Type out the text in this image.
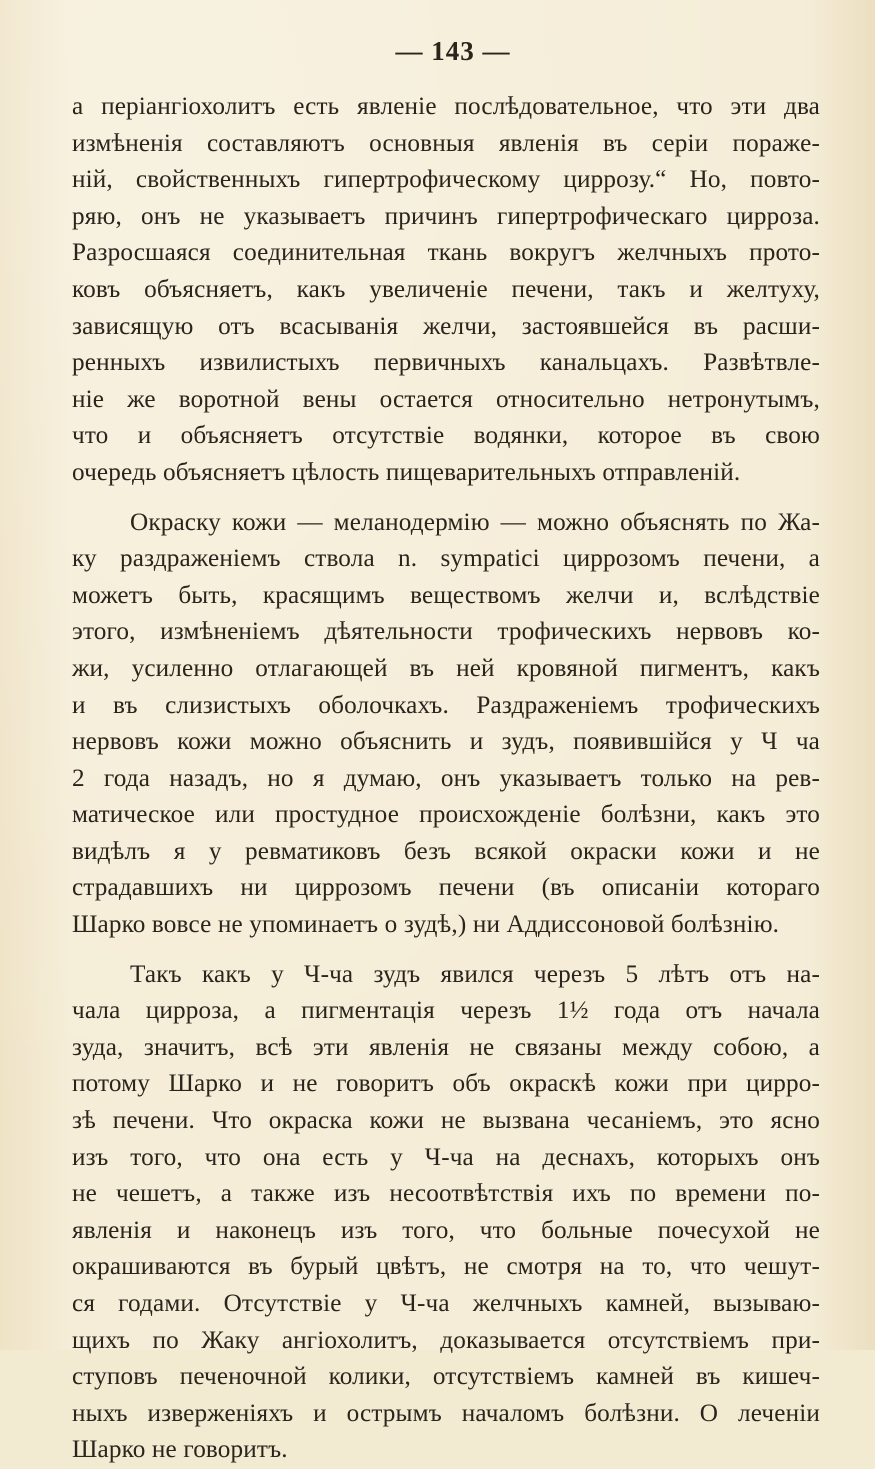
— 143 —
а періангіохолитъ есть явленіе послѣдовательное, что эти два
измѣненія составляютъ основныя явленія въ серіи пораже-
ній, свойственныхъ гипертрофическому циррозу.“ Но, повто-
ряю, онъ не указываетъ причинъ гипертрофическаго цирроза.
Разросшаяся соединительная ткань вокругъ желчныхъ прото-
ковъ объясняетъ, какъ увеличеніе печени, такъ и желтуху,
зависящую отъ всасыванія желчи, застоявшейся въ расши-
ренныхъ извилистыхъ первичныхъ канальцахъ. Развѣтвле-
ніе же воротной вены остается относительно нетронутымъ,
что и объясняетъ отсутствіе водянки, которое въ свою
очередь объясняетъ цѣлость пищеварительныхъ отправленій.
Окраску кожи — меланодермію — можно объяснять по Жа-
ку раздраженіемъ ствола n. sympatici циррозомъ печени, а
можетъ быть, красящимъ веществомъ желчи и, вслѣдствіе
этого, измѣненіемъ дѣятельности трофическихъ нервовъ ко-
жи, усиленно отлагающей въ ней кровяной пигментъ, какъ
и въ слизистыхъ оболочкахъ. Раздраженіемъ трофическихъ
нервовъ кожи можно объяснить и зудъ, появившійся у Ч ча
2 года назадъ, но я думаю, онъ указываетъ только на рев-
матическое или простудное происхожденіе болѣзни, какъ это
видѣлъ я у ревматиковъ безъ всякой окраски кожи и не
страдавшихъ ни циррозомъ печени (въ описаніи котораго
Шарко вовсе не упоминаетъ о зудѣ,) ни Аддиссоновой болѣзнію.
Такъ какъ у Ч-ча зудъ явился черезъ 5 лѣтъ отъ на-
чала цирроза, а пигментація черезъ 1½ года отъ начала
зуда, значитъ, всѣ эти явленія не связаны между собою, а
потому Шарко и не говоритъ объ окраскѣ кожи при цирро-
зѣ печени. Что окраска кожи не вызвана чесаніемъ, это ясно
изъ того, что она есть у Ч-ча на деснахъ, которыхъ онъ
не чешетъ, а также изъ несоотвѣтствія ихъ по времени по-
явленія и наконецъ изъ того, что больные почесухой не
окрашиваются въ бурый цвѣтъ, не смотря на то, что чешут-
ся годами. Отсутствіе у Ч-ча желчныхъ камней, вызываю-
щихъ по Жаку ангіохолитъ, доказывается отсутствіемъ при-
ступовъ печеночной колики, отсутствіемъ камней въ кишеч-
ныхъ изверженіяхъ и острымъ началомъ болѣзни. О леченіи
Шарко не говоритъ.
